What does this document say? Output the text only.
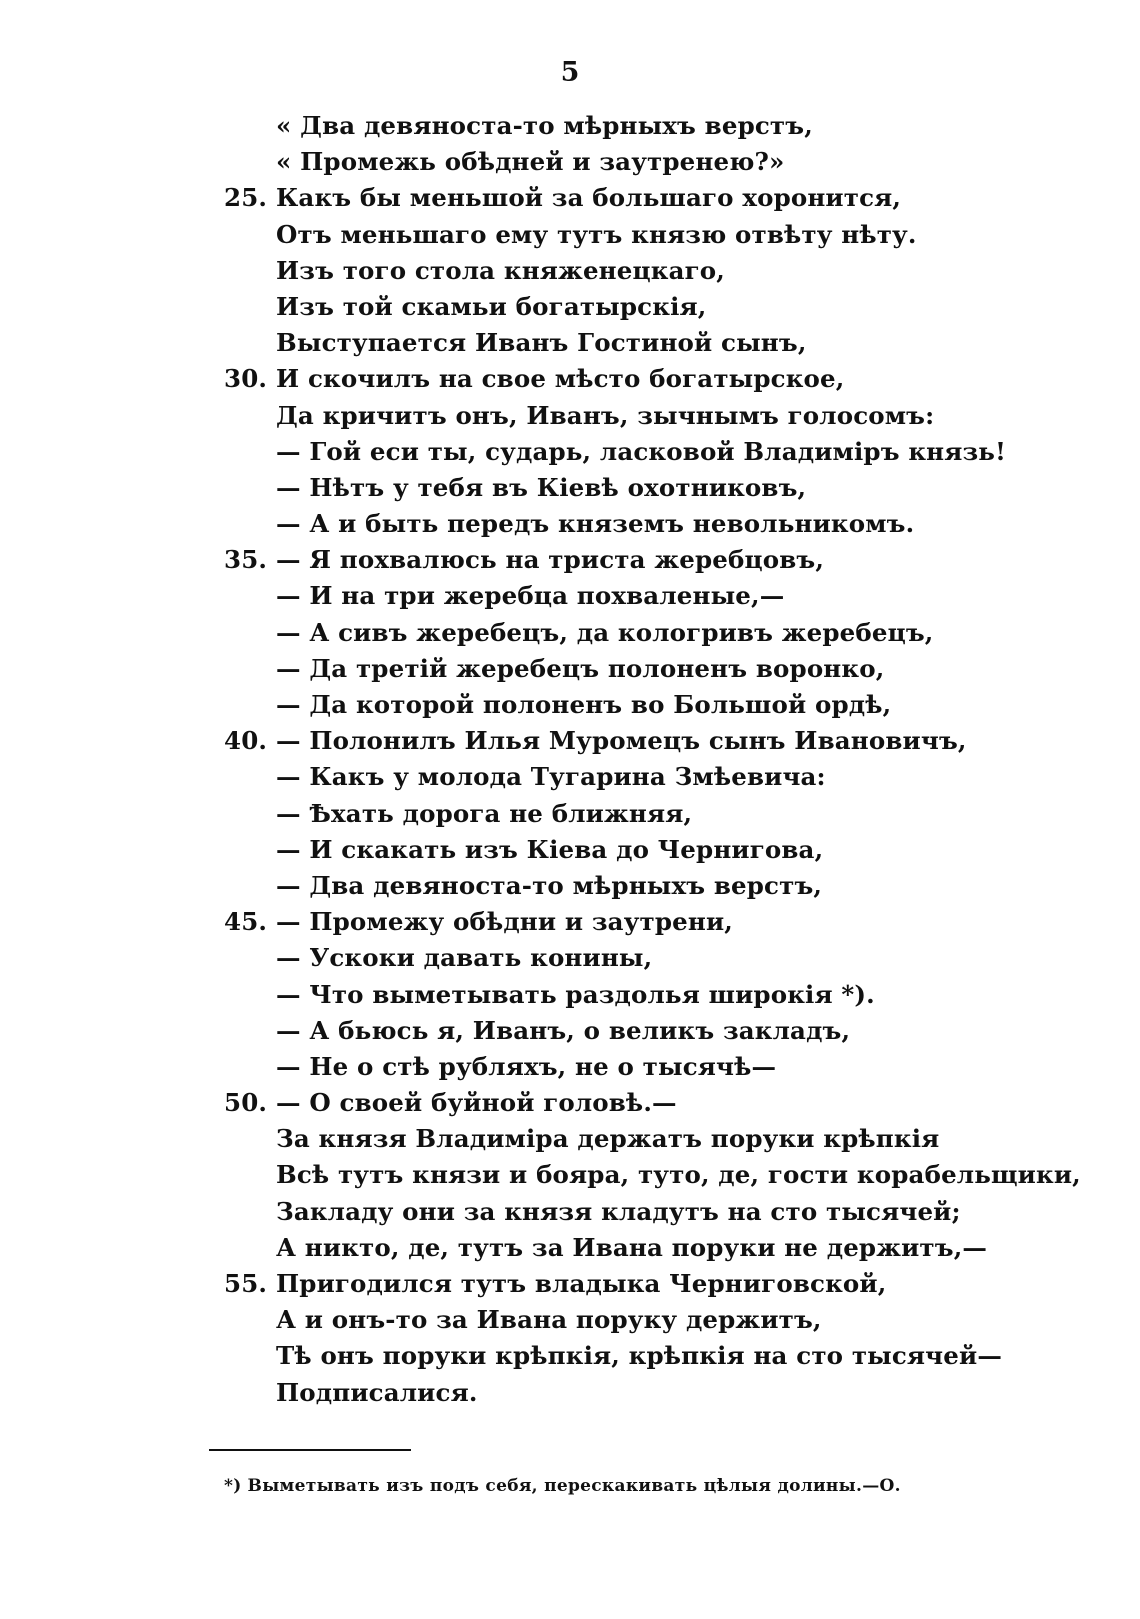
5
« Два девяноста-то мѣрныхъ верстъ,
« Промежь обѣдней и заутренею?»
25. Какъ бы меньшой за большаго хоронится,
Отъ меньшаго ему тутъ князю отвѣту нѣту.
Изъ того стола княженецкаго,
Изъ той скамьи богатырскія,
Выступается Иванъ Гостиной сынъ,
30. И скочилъ на свое мѣсто богатырское,
Да кричитъ онъ, Иванъ, зычнымъ голосомъ:
— Гой еси ты, сударь, ласковой Владиміръ князь!
— Нѣтъ у тебя въ Кіевѣ охотниковъ,
— А и быть передъ княземъ невольникомъ.
35. — Я похвалюсь на триста жеребцовъ,
— И на три жеребца похваленые,—
— А сивъ жеребецъ, да кологривъ жеребецъ,
— Да третій жеребецъ полоненъ воронко,
— Да которой полоненъ во Большой ордѣ,
40. — Полонилъ Илья Муромецъ сынъ Ивановичъ,
— Какъ у молода Тугарина Змѣевича:
— Ѣхать дорога не ближняя,
— И скакать изъ Кіева до Чернигова,
— Два девяноста-то мѣрныхъ верстъ,
45. — Промежу обѣдни и заутрени,
— Ускоки давать конины,
— Что выметывать раздолья широкія *).
— А бьюсь я, Иванъ, о великъ закладъ,
— Не о стѣ рубляхъ, не о тысячѣ—
50. — О своей буйной головѣ.—
За князя Владиміра держатъ поруки крѣпкія
Всѣ тутъ князи и бояра, туто, де, гости корабельщики,
Закладу они за князя кладутъ на сто тысячей;
А никто, де, тутъ за Ивана поруки не держитъ,—
55. Пригодился тутъ владыка Черниговской,
А и онъ-то за Ивана поруку держитъ,
Тѣ онъ поруки крѣпкія, крѣпкія на сто тысячей—
Подписалися.
*) Выметывать изъ подъ себя, перескакивать цѣлыя долины.—О.
